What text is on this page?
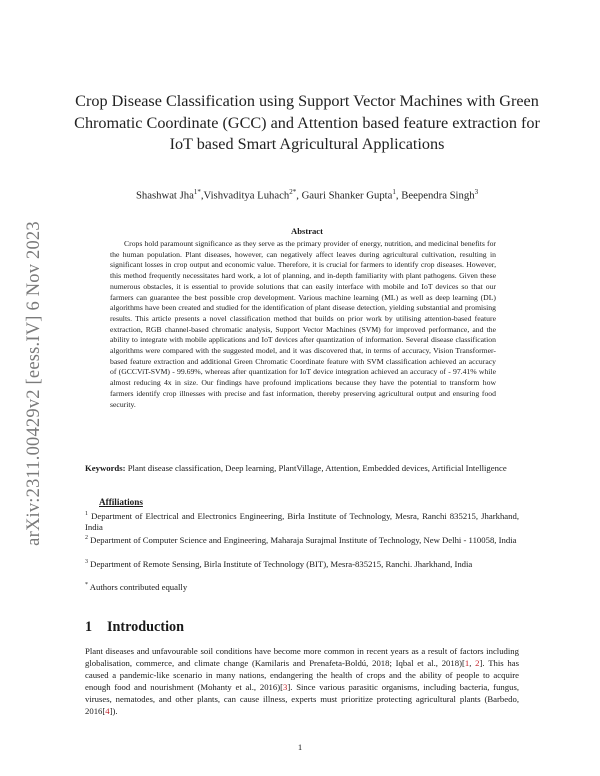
arXiv:2311.00429v2 [eess.IV] 6 Nov 2023
Crop Disease Classification using Support Vector Machines with Green Chromatic Coordinate (GCC) and Attention based feature extraction for IoT based Smart Agricultural Applications
Shashwat Jha$^{1*}$,Vishvaditya Luhach$^{2*}$, Gauri Shanker Gupta$^1$, Beependra Singh$^3$
Abstract

Crops hold paramount significance as they serve as the primary provider of energy, nutrition, and medicinal benefits for the human population. Plant diseases, however, can negatively affect leaves during agricultural cultivation, resulting in significant losses in crop output and economic value. Therefore, it is crucial for farmers to identify crop diseases. However, this method frequently necessitates hard work, a lot of planning, and in-depth familiarity with plant pathogens. Given these numerous obstacles, it is essential to provide solutions that can easily interface with mobile and IoT devices so that our farmers can guarantee the best possible crop development. Various machine learning (ML) as well as deep learning (DL) algorithms have been created and studied for the identification of plant disease detection, yielding substantial and promising results. This article presents a novel classification method that builds on prior work by utilising attention-based feature extraction, RGB channel-based chromatic analysis, Support Vector Machines (SVM) for improved performance, and the ability to integrate with mobile applications and IoT devices after quantization of information. Several disease classification algorithms were compared with the suggested model, and it was discovered that, in terms of accuracy, Vision Transformer-based feature extraction and additional Green Chromatic Coordinate feature with SVM classification achieved an accuracy of (GCCViT-SVM) - 99.69%, whereas after quantization for IoT device integration achieved an accuracy of - 97.41% while almost reducing 4x in size. Our findings have profound implications because they have the potential to transform how farmers identify crop illnesses with precise and fast information, thereby preserving agricultural output and ensuring food security.

Keywords: Plant disease classification, Deep learning, PlantVillage, Attention, Embedded devices, Artificial Intelligence

Affiliations

$^1$ Department of Electrical and Electronics Engineering, Birla Institute of Technology, Mesra, Ranchi 835215, Jharkhand, India

$^2$ Department of Computer Science and Engineering, Maharaja Surajmal Institute of Technology, New Delhi - 110058, India

$^3$ Department of Remote Sensing, Birla Institute of Technology (BIT), Mesra-835215, Ranchi. Jharkhand, India

* Authors contributed equally

1 Introduction

Plant diseases and unfavourable soil conditions have become more common in recent years as a result of factors including globalisation, commerce, and climate change (Kamilaris and Prenafeta-Boldú, 2018; Iqbal et al., 2018)[1, 2]. This has caused a pandemic-like scenario in many nations, endangering the health of crops and the ability of people to acquire enough food and nourishment (Mohanty et al., 2016)[3]. Since various parasitic organisms, including bacteria, fungus, viruses, nematodes, and other plants, can cause illness, experts must prioritize protecting agricultural plants (Barbedo, 2016[4]).

1
